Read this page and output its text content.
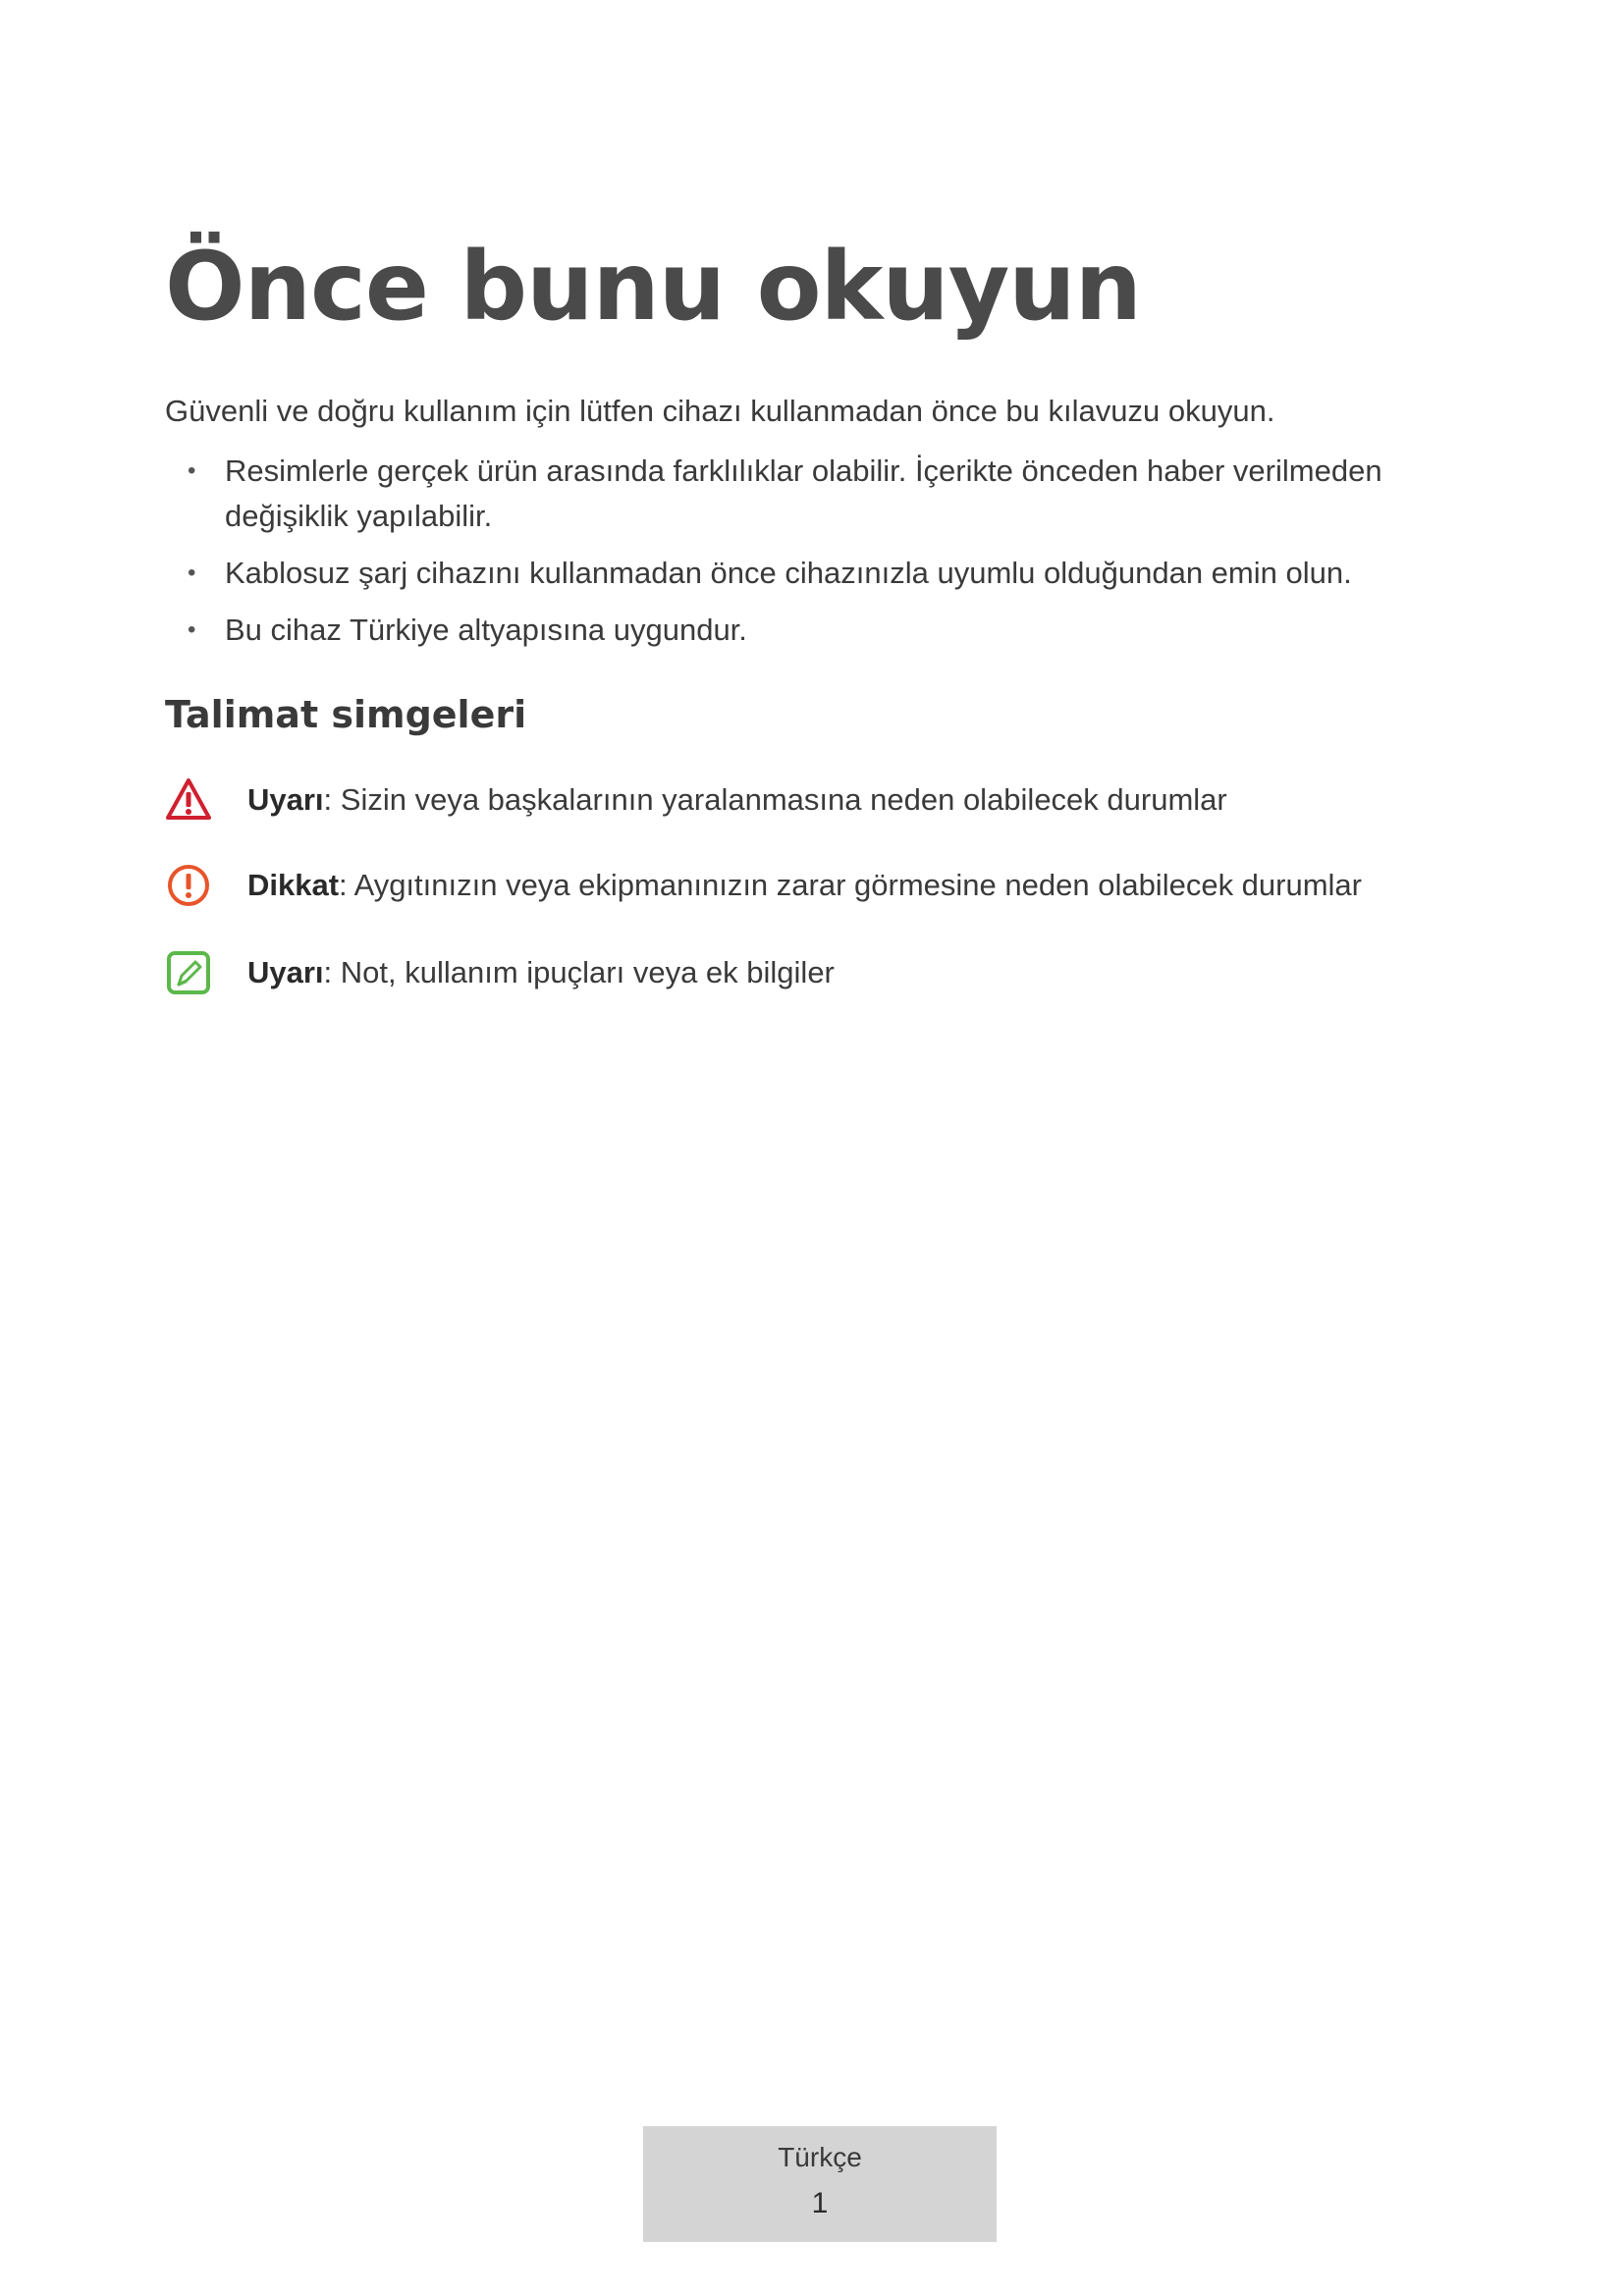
Önce bunu okuyun

Güvenli ve doğru kullanım için lütfen cihazı kullanmadan önce bu kılavuzu okuyun.

• Resimlerle gerçek ürün arasında farklılıklar olabilir. İçerikte önceden haber verilmeden değişiklik yapılabilir.
• Kablosuz şarj cihazını kullanmadan önce cihazınızla uyumlu olduğundan emin olun.
• Bu cihaz Türkiye altyapısına uygundur.
Talimat simgeleri
Uyarı: Sizin veya başkalarının yaralanmasına neden olabilecek durumlar
Dikkat: Aygıtınızın veya ekipmanınızın zarar görmesine neden olabilecek durumlar
Uyarı: Not, kullanım ipuçları veya ek bilgiler
Türkçe
1
